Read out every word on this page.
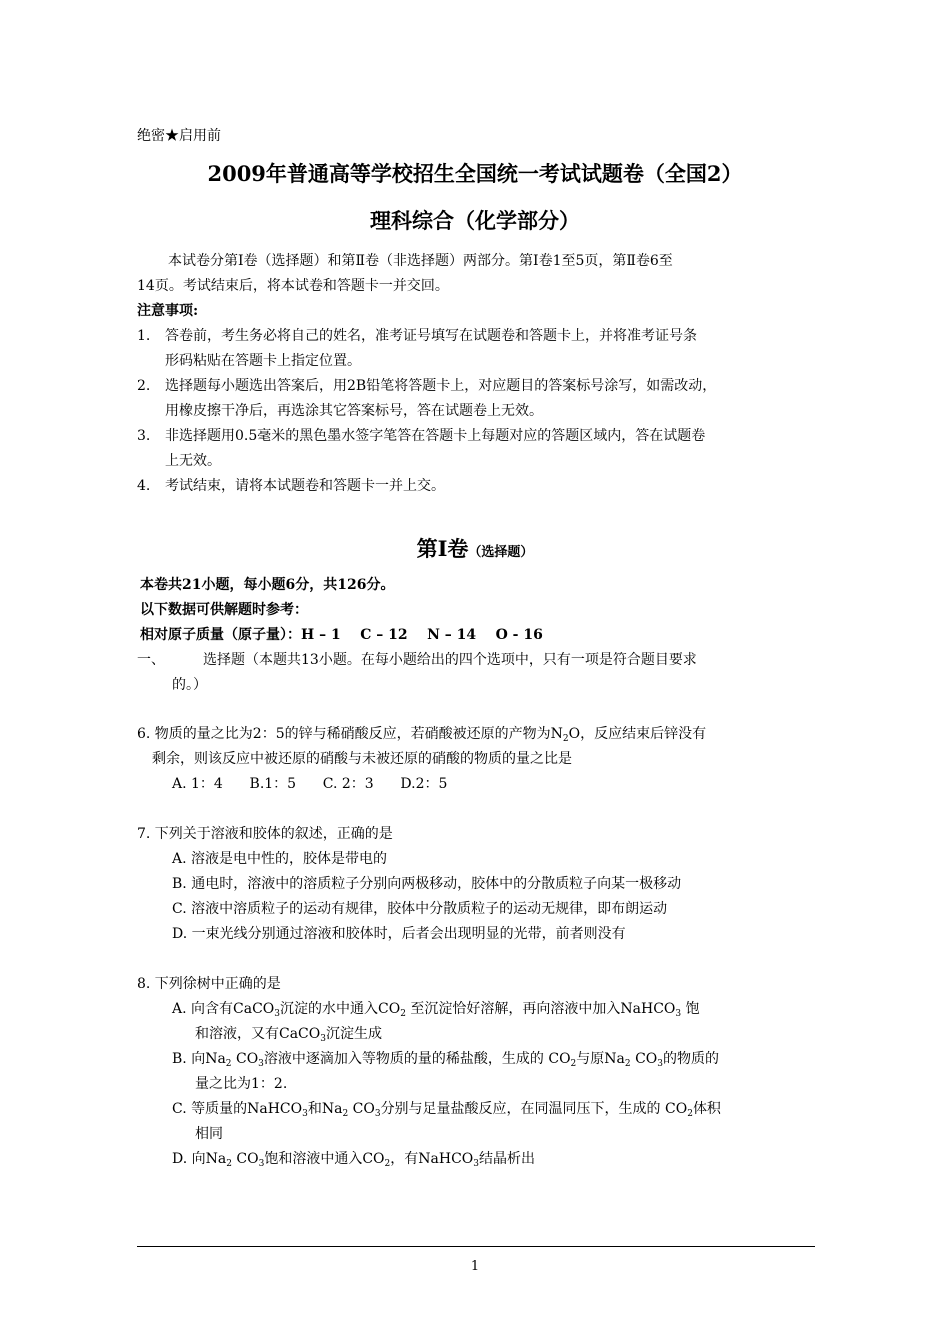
绝密★启用前
2009年普通高等学校招生全国统一考试试题卷（全国2）
理科综合（化学部分）
本试卷分第Ⅰ卷（选择题）和第Ⅱ卷（非选择题）两部分。第Ⅰ卷1至5页，第Ⅱ卷6至
14页。考试结束后，将本试卷和答题卡一并交回。
注意事项:
1. 答卷前，考生务必将自己的姓名，准考证号填写在试题卷和答题卡上，并将准考证号条
形码粘贴在答题卡上指定位置。
2. 选择题每小题选出答案后，用2B铅笔将答题卡上，对应题目的答案标号涂写，如需改动，
用橡皮擦干净后，再选涂其它答案标号，答在试题卷上无效。
3. 非选择题用0.5毫米的黑色墨水签字笔答在答题卡上每题对应的答题区域内，答在试题卷
上无效。
4. 考试结束，请将本试题卷和答题卡一并上交。
第Ⅰ卷（选择题）
本卷共21小题，每小题6分，共126分。
以下数据可供解题时参考：
相对原子质量（原子量）：H – 1    C – 12    N – 14    O - 16
一、	选择题（本题共13小题。在每小题给出的四个选项中，只有一项是符合题目要求
的。）
6. 物质的量之比为2：5的锌与稀硝酸反应，若硝酸被还原的产物为$N_2O$，反应结束后锌没有
剩余，则该反应中被还原的硝酸与未被还原的硝酸的物质的量之比是
A. 1：4      B.1：5      C. 2：3      D.2：5
7. 下列关于溶液和胶体的叙述，正确的是
A. 溶液是电中性的，胶体是带电的
B. 通电时，溶液中的溶质粒子分别向两极移动，胶体中的分散质粒子向某一极移动
C. 溶液中溶质粒子的运动有规律，胶体中分散质粒子的运动无规律，即布朗运动
D. 一束光线分别通过溶液和胶体时，后者会出现明显的光带，前者则没有
8. 下列徐树中正确的是
A. 向含有CaCO$_3$沉淀的水中通入$CO_2$ 至沉淀恰好溶解，再向溶液中加入NaHCO$_3$ 饱
和溶液，又有CaCO$_3$沉淀生成
B. 向$Na_2$ $CO_3$溶液中逐滴加入等物质的量的稀盐酸，生成的 $CO_2$与原$Na_2$ $CO_3$的物质的
量之比为1：2.
C. 等质量的NaHCO$_3$和$Na_2$ $CO_3$分别与足量盐酸反应，在同温同压下，生成的 $CO_2$体积
相同
D. 向$Na_2$ $CO_3$饱和溶液中通入$CO_2$，有NaHCO$_3$结晶析出
1
